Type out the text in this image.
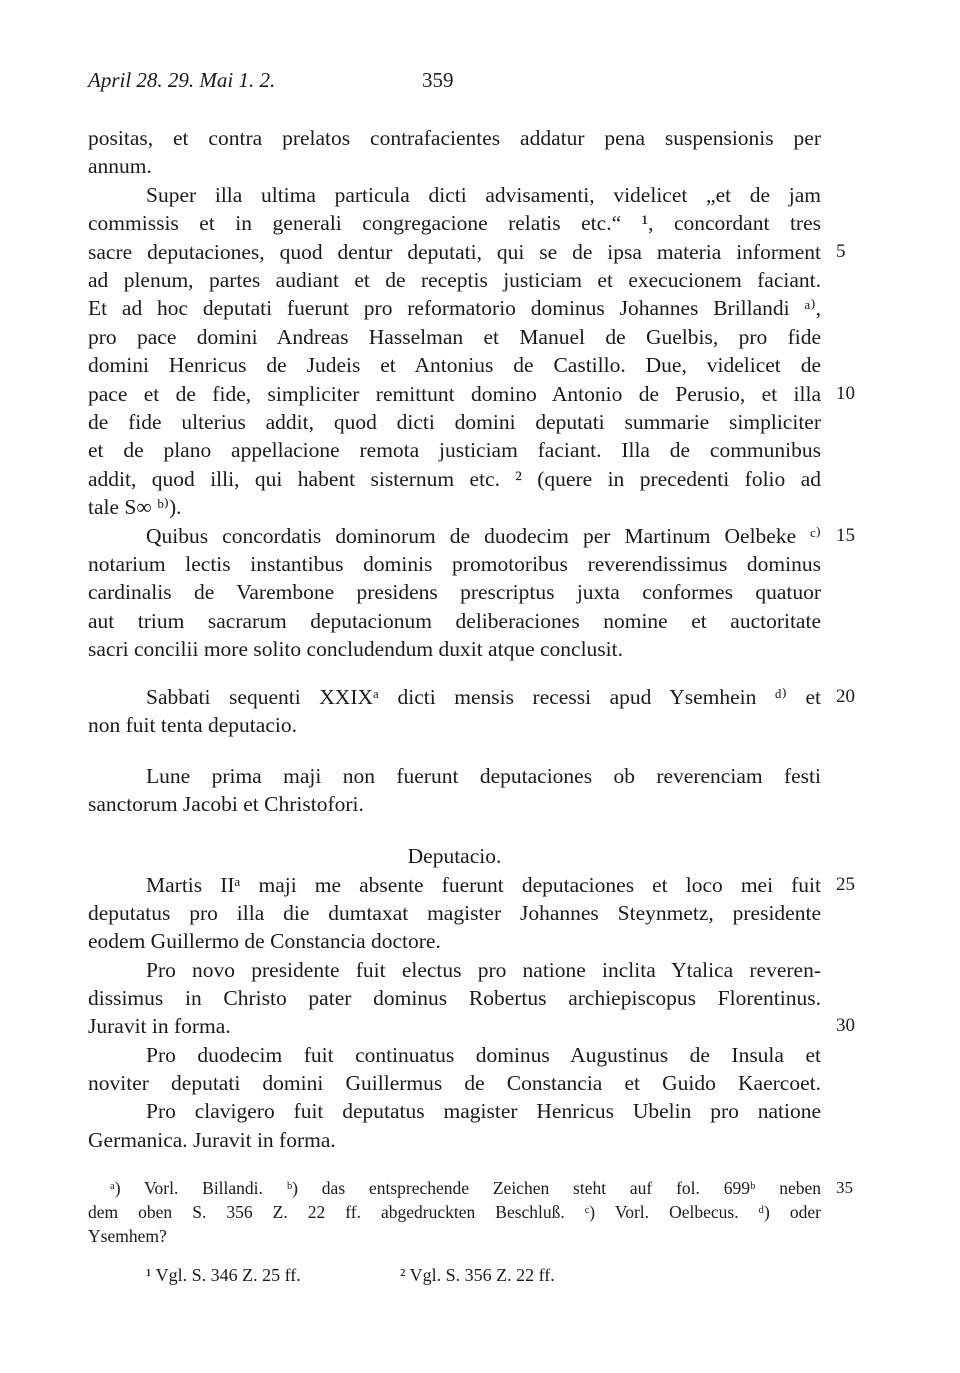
April 28. 29. Mai 1. 2.	359
positas, et contra prelatos contrafacientes addatur pena suspensionis per
annum.
Super illa ultima particula dicti advisamenti, videlicet „et de jam
commissis et in generali congregacione relatis etc.“ ¹, concordant tres
sacre deputaciones, quod dentur deputati, qui se de ipsa materia informent
ad plenum, partes audiant et de receptis justiciam et execucionem faciant.
Et ad hoc deputati fuerunt pro reformatorio dominus Johannes Brillandi ᵃ⁾,
pro pace domini Andreas Hasselman et Manuel de Guelbis, pro fide
domini Henricus de Judeis et Antonius de Castillo. Due, videlicet de
pace et de fide, simpliciter remittunt domino Antonio de Perusio, et illa
de fide ulterius addit, quod dicti domini deputati summarie simpliciter
et de plano appellacione remota justiciam faciant. Illa de communibus
addit, quod illi, qui habent sisternum etc. ² (quere in precedenti folio ad
tale S∞ ᵇ⁾).
Quibus concordatis dominorum de duodecim per Martinum Oelbeke ᶜ⁾
notarium lectis instantibus dominis promotoribus reverendissimus dominus
cardinalis de Varembone presidens prescriptus juxta conformes quatuor
aut trium sacrarum deputacionum deliberaciones nomine et auctoritate
sacri concilii more solito concludendum duxit atque conclusit.
Sabbati sequenti XXIXᵃ dicti mensis recessi apud Ysemhein ᵈ⁾ et
non fuit tenta deputacio.
Lune prima maji non fuerunt deputaciones ob reverenciam festi
sanctorum Jacobi et Christofori.
Deputacio.
Martis IIᵃ maji me absente fuerunt deputaciones et loco mei fuit
deputatus pro illa die dumtaxat magister Johannes Steynmetz, presidente
eodem Guillermo de Constancia doctore.
Pro novo presidente fuit electus pro natione inclita Ytalica reveren-
dissimus in Christo pater dominus Robertus archiepiscopus Florentinus.
Juravit in forma.
Pro duodecim fuit continuatus dominus Augustinus de Insula et
noviter deputati domini Guillermus de Constancia et Guido Kaercoet.
Pro clavigero fuit deputatus magister Henricus Ubelin pro natione
Germanica. Juravit in forma.
5
10
15
20
25
30
ᵃ) Vorl. Billandi. ᵇ) das entsprechende Zeichen steht auf fol. 699ᵇ neben
dem oben S. 356 Z. 22 ff. abgedruckten Beschluß. ᶜ) Vorl. Oelbecus. ᵈ) oder
Ysemhem?
35
¹ Vgl. S. 346 Z. 25 ff.	² Vgl. S. 356 Z. 22 ff.
